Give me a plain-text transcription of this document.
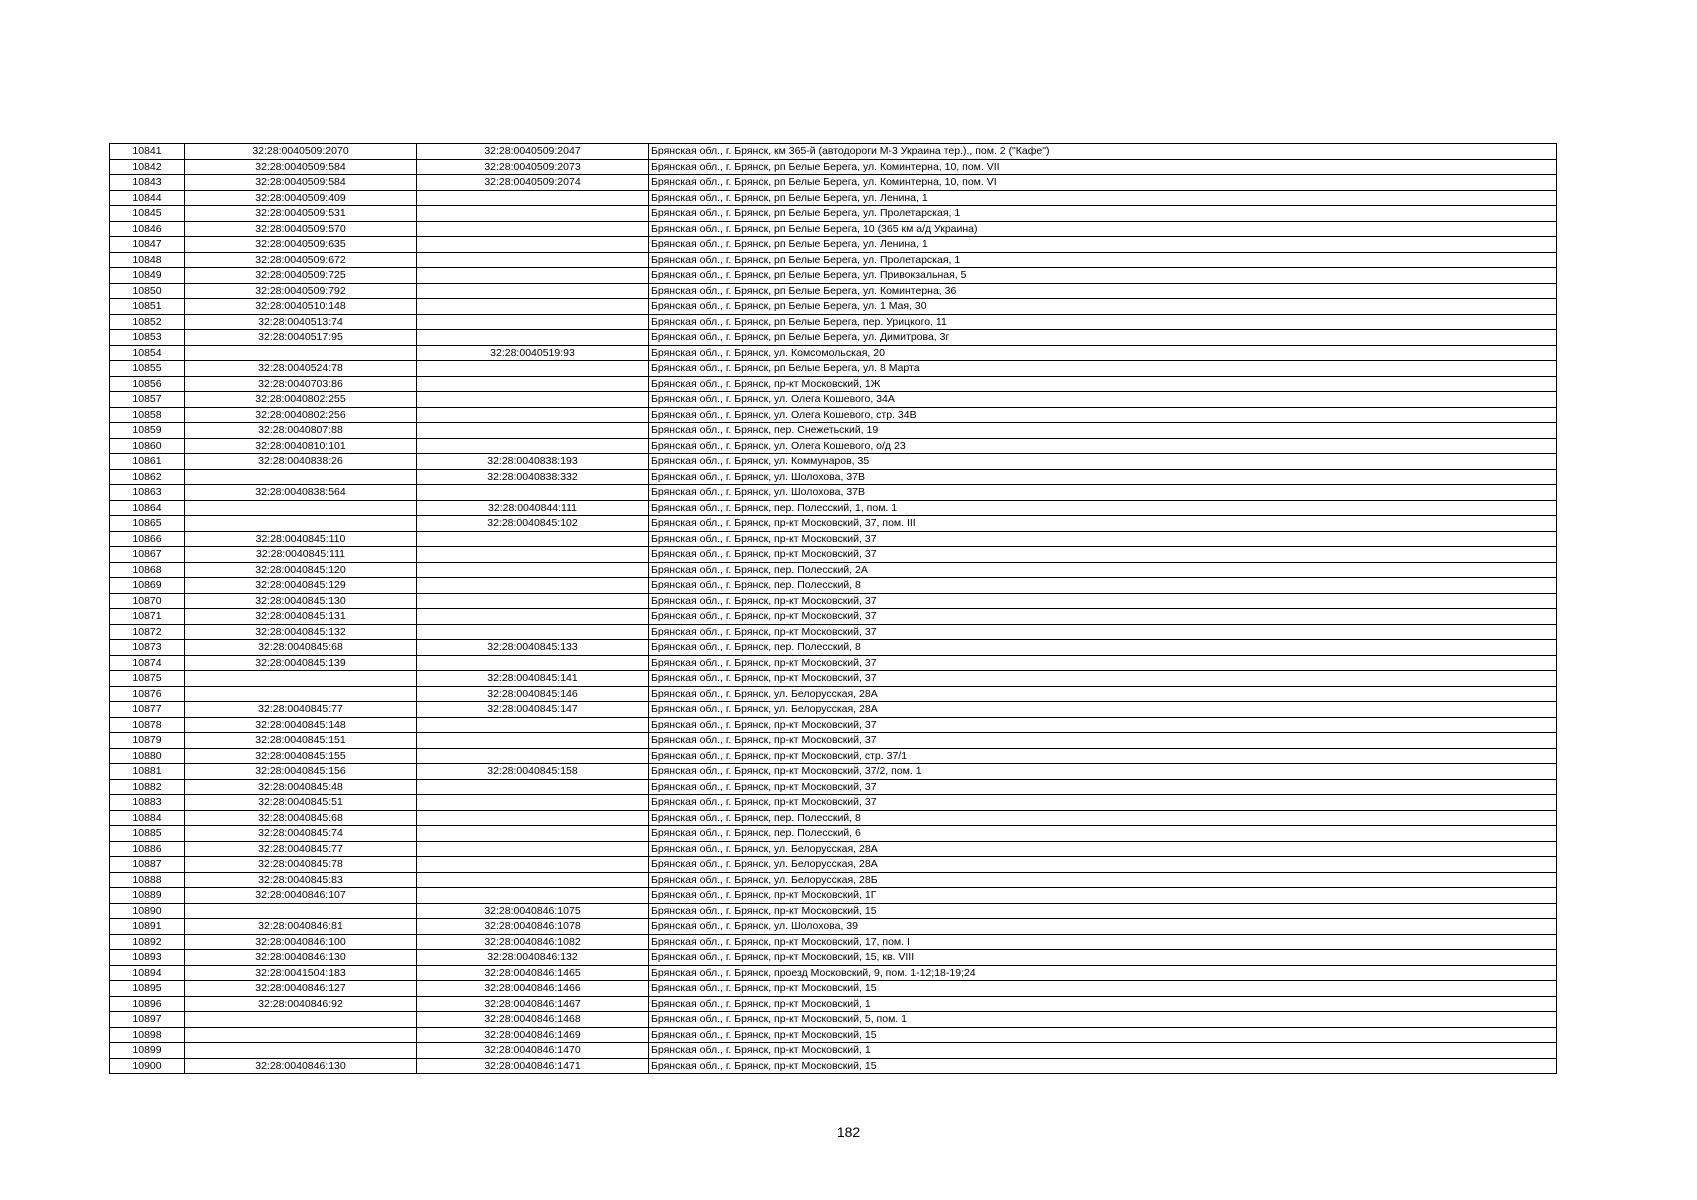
10841	32:28:0040509:2070	32:28:0040509:2047	Брянская обл., г. Брянск, км 365-й (автодороги М-3 Украина тер.)., пом. 2 ("Кафе")
10842	32:28:0040509:584	32:28:0040509:2073	Брянская обл., г. Брянск, рп Белые Берега, ул. Коминтерна, 10, пом. VII
10843	32:28:0040509:584	32:28:0040509:2074	Брянская обл., г. Брянск, рп Белые Берега, ул. Коминтерна, 10, пом. VI
10844	32:28:0040509:409		Брянская обл., г. Брянск, рп Белые Берега, ул. Ленина, 1
10845	32:28:0040509:531		Брянская обл., г. Брянск, рп Белые Берега, ул. Пролетарская, 1
10846	32:28:0040509:570		Брянская обл., г. Брянск, рп Белые Берега, 10 (365 км а/д Украина)
10847	32:28:0040509:635		Брянская обл., г. Брянск, рп Белые Берега, ул. Ленина, 1
10848	32:28:0040509:672		Брянская обл., г. Брянск, рп Белые Берега, ул. Пролетарская, 1
10849	32:28:0040509:725		Брянская обл., г. Брянск, рп Белые Берега, ул. Привокзальная, 5
10850	32:28:0040509:792		Брянская обл., г. Брянск, рп Белые Берега, ул. Коминтерна, 36
10851	32:28:0040510:148		Брянская обл., г. Брянск, рп Белые Берега, ул. 1 Мая, 30
10852	32:28:0040513:74		Брянская обл., г. Брянск, рп Белые Берега, пер. Урицкого, 11
10853	32:28:0040517:95		Брянская обл., г. Брянск, рп Белые Берега, ул. Димитрова, 3г
10854		32:28:0040519:93	Брянская обл., г. Брянск, ул. Комсомольская, 20
10855	32:28:0040524:78		Брянская обл., г. Брянск, рп Белые Берега, ул. 8 Марта
10856	32:28:0040703:86		Брянская обл., г. Брянск, пр-кт Московский, 1Ж
10857	32:28:0040802:255		Брянская обл., г. Брянск, ул. Олега Кошевого, 34А
10858	32:28:0040802:256		Брянская обл., г. Брянск, ул. Олега Кошевого, стр. 34В
10859	32:28:0040807:88		Брянская обл., г. Брянск, пер. Снежетьский, 19
10860	32:28:0040810:101		Брянская обл., г. Брянск, ул. Олега Кошевого, о/д 23
10861	32:28:0040838:26	32:28:0040838:193	Брянская обл., г. Брянск, ул. Коммунаров, 35
10862		32:28:0040838:332	Брянская обл., г. Брянск, ул. Шолохова, 37В
10863	32:28:0040838:564		Брянская обл., г. Брянск, ул. Шолохова, 37В
10864		32:28:0040844:111	Брянская обл., г. Брянск, пер. Полесский, 1, пом. 1
10865		32:28:0040845:102	Брянская обл., г. Брянск, пр-кт Московский, 37, пом. III
10866	32:28:0040845:110		Брянская обл., г. Брянск, пр-кт Московский, 37
10867	32:28:0040845:111		Брянская обл., г. Брянск, пр-кт Московский, 37
10868	32:28:0040845:120		Брянская обл., г. Брянск, пер. Полесский, 2А
10869	32:28:0040845:129		Брянская обл., г. Брянск, пер. Полесский, 8
10870	32:28:0040845:130		Брянская обл., г. Брянск, пр-кт Московский, 37
10871	32:28:0040845:131		Брянская обл., г. Брянск, пр-кт Московский, 37
10872	32:28:0040845:132		Брянская обл., г. Брянск, пр-кт Московский, 37
10873	32:28:0040845:68	32:28:0040845:133	Брянская обл., г. Брянск, пер. Полесский, 8
10874	32:28:0040845:139		Брянская обл., г. Брянск, пр-кт Московский, 37
10875		32:28:0040845:141	Брянская обл., г. Брянск, пр-кт Московский, 37
10876		32:28:0040845:146	Брянская обл., г. Брянск, ул. Белорусская, 28А
10877	32:28:0040845:77	32:28:0040845:147	Брянская обл., г. Брянск, ул. Белорусская, 28А
10878	32:28:0040845:148		Брянская обл., г. Брянск, пр-кт Московский, 37
10879	32:28:0040845:151		Брянская обл., г. Брянск, пр-кт Московский, 37
10880	32:28:0040845:155		Брянская обл., г. Брянск, пр-кт Московский, стр. 37/1
10881	32:28:0040845:156	32:28:0040845:158	Брянская обл., г. Брянск, пр-кт Московский, 37/2, пом. 1
10882	32:28:0040845:48		Брянская обл., г. Брянск, пр-кт Московский, 37
10883	32:28:0040845:51		Брянская обл., г. Брянск, пр-кт Московский, 37
10884	32:28:0040845:68		Брянская обл., г. Брянск, пер. Полесский, 8
10885	32:28:0040845:74		Брянская обл., г. Брянск, пер. Полесский, 6
10886	32:28:0040845:77		Брянская обл., г. Брянск, ул. Белорусская, 28А
10887	32:28:0040845:78		Брянская обл., г. Брянск, ул. Белорусская, 28А
10888	32:28:0040845:83		Брянская обл., г. Брянск, ул. Белорусская, 28Б
10889	32:28:0040846:107		Брянская обл., г. Брянск, пр-кт Московский, 1Г
10890		32:28:0040846:1075	Брянская обл., г. Брянск, пр-кт Московский, 15
10891	32:28:0040846:81	32:28:0040846:1078	Брянская обл., г. Брянск, ул. Шолохова, 39
10892	32:28:0040846:100	32:28:0040846:1082	Брянская обл., г. Брянск, пр-кт Московский, 17, пом. I
10893	32:28:0040846:130	32:28:0040846:132	Брянская обл., г. Брянск, пр-кт Московский, 15, кв. VIII
10894	32:28:0041504:183	32:28:0040846:1465	Брянская обл., г. Брянск, проезд Московский, 9, пом. 1-12;18-19;24
10895	32:28:0040846:127	32:28:0040846:1466	Брянская обл., г. Брянск, пр-кт Московский, 15
10896	32:28:0040846:92	32:28:0040846:1467	Брянская обл., г. Брянск, пр-кт Московский, 1
10897		32:28:0040846:1468	Брянская обл., г. Брянск, пр-кт Московский, 5, пом. 1
10898		32:28:0040846:1469	Брянская обл., г. Брянск, пр-кт Московский, 15
10899		32:28:0040846:1470	Брянская обл., г. Брянск, пр-кт Московский, 1
10900	32:28:0040846:130	32:28:0040846:1471	Брянская обл., г. Брянск, пр-кт Московский, 15
182
